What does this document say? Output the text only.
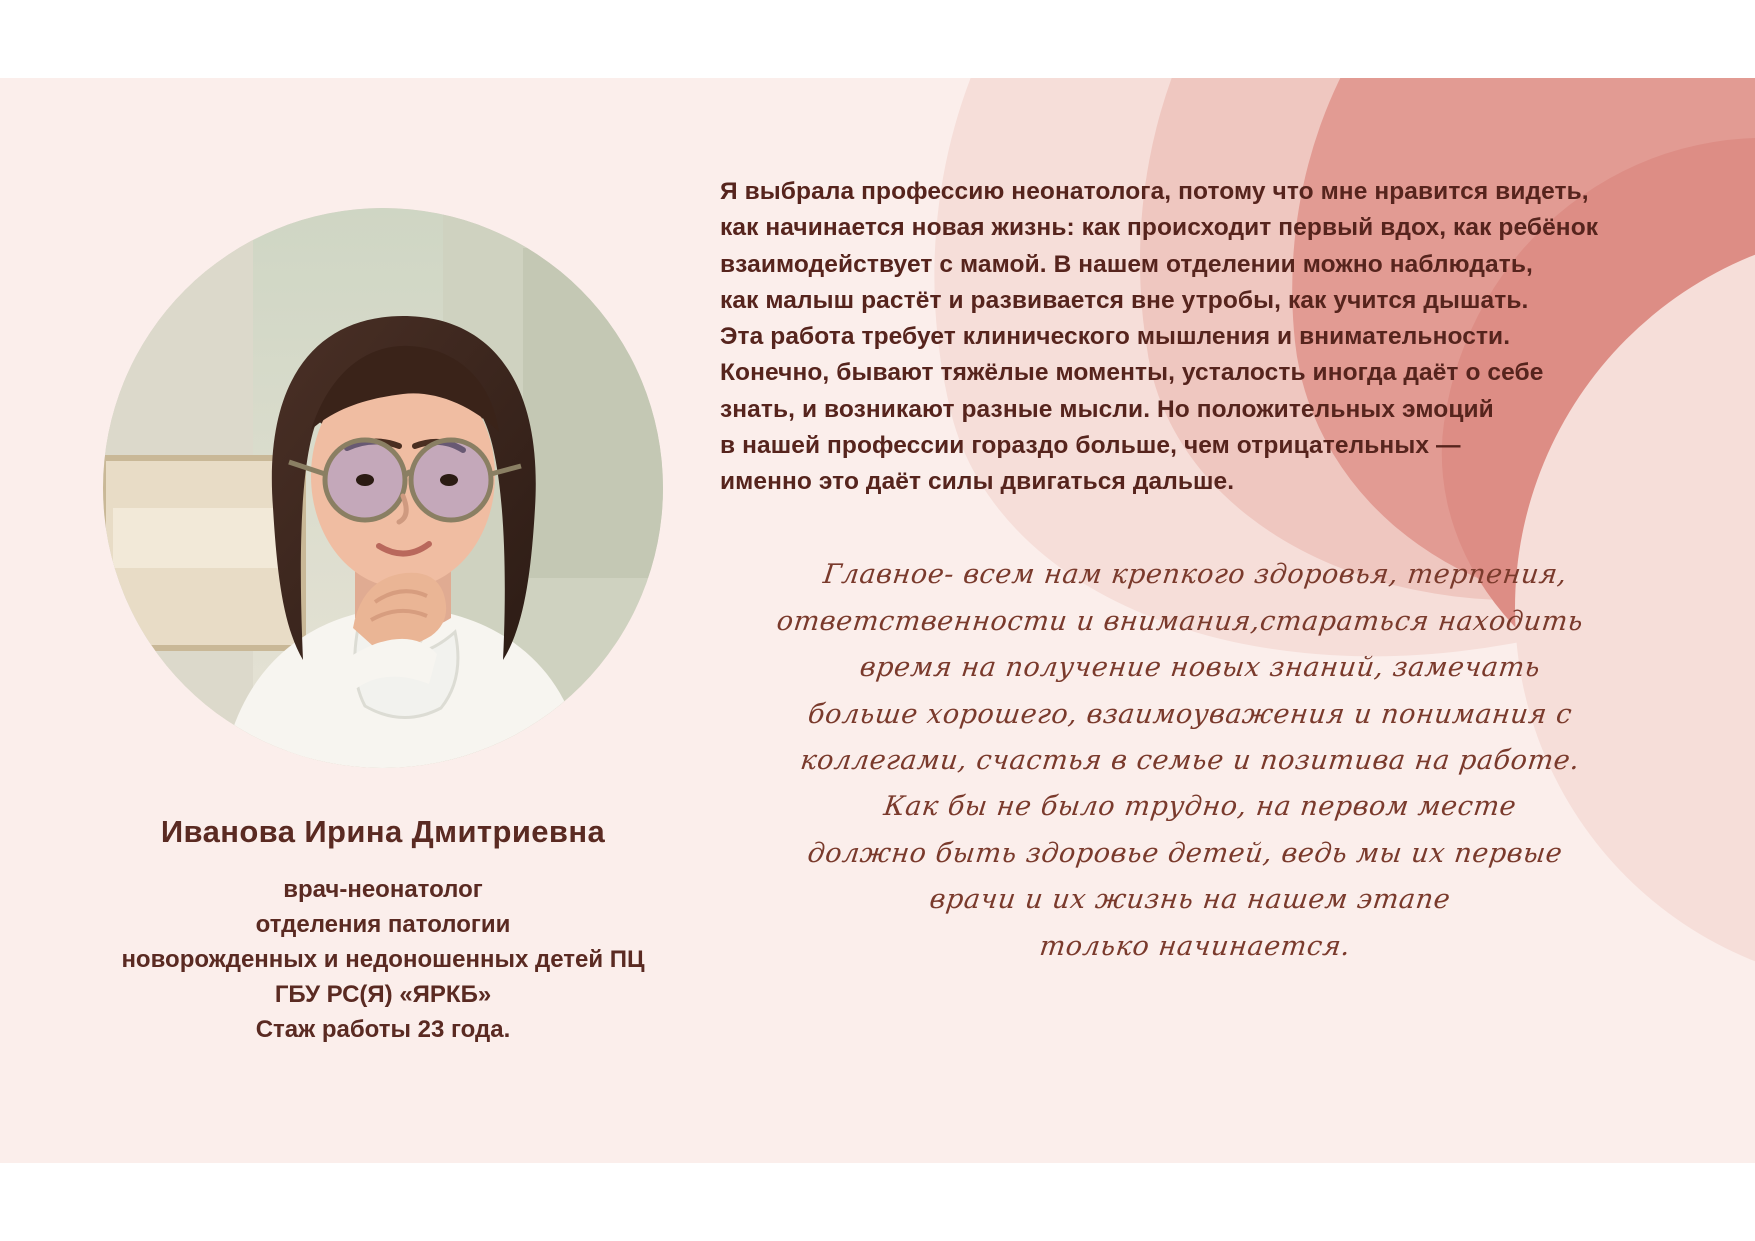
Иванова Ирина Дмитриевна
врач-неонатолог
отделения патологии
новорожденных и недоношенных детей ПЦ
ГБУ РС(Я) «ЯРКБ»
Стаж работы 23 года.
Я выбрала профессию неонатолога, потому что мне нравится видеть,
как начинается новая жизнь: как происходит первый вдох, как ребёнок
взаимодействует с мамой. В нашем отделении можно наблюдать,
как малыш растёт и развивается вне утробы, как учится дышать.
Эта работа требует клинического мышления и внимательности.
Конечно, бывают тяжёлые моменты, усталость иногда даёт о себе
знать, и возникают разные мысли. Но положительных эмоций
в нашей профессии гораздо больше, чем отрицательных —
именно это даёт силы двигаться дальше.
Главное- всем нам крепкого здоровья, терпения,
ответственности и внимания,стараться находить
время на получение новых знаний, замечать
больше хорошего, взаимоуважения и понимания с
коллегами, счастья в семье и позитива на работе.
Как бы не было трудно, на первом месте
должно быть здоровье детей, ведь мы их первые
врачи и их жизнь на нашем этапе
только начинается.
